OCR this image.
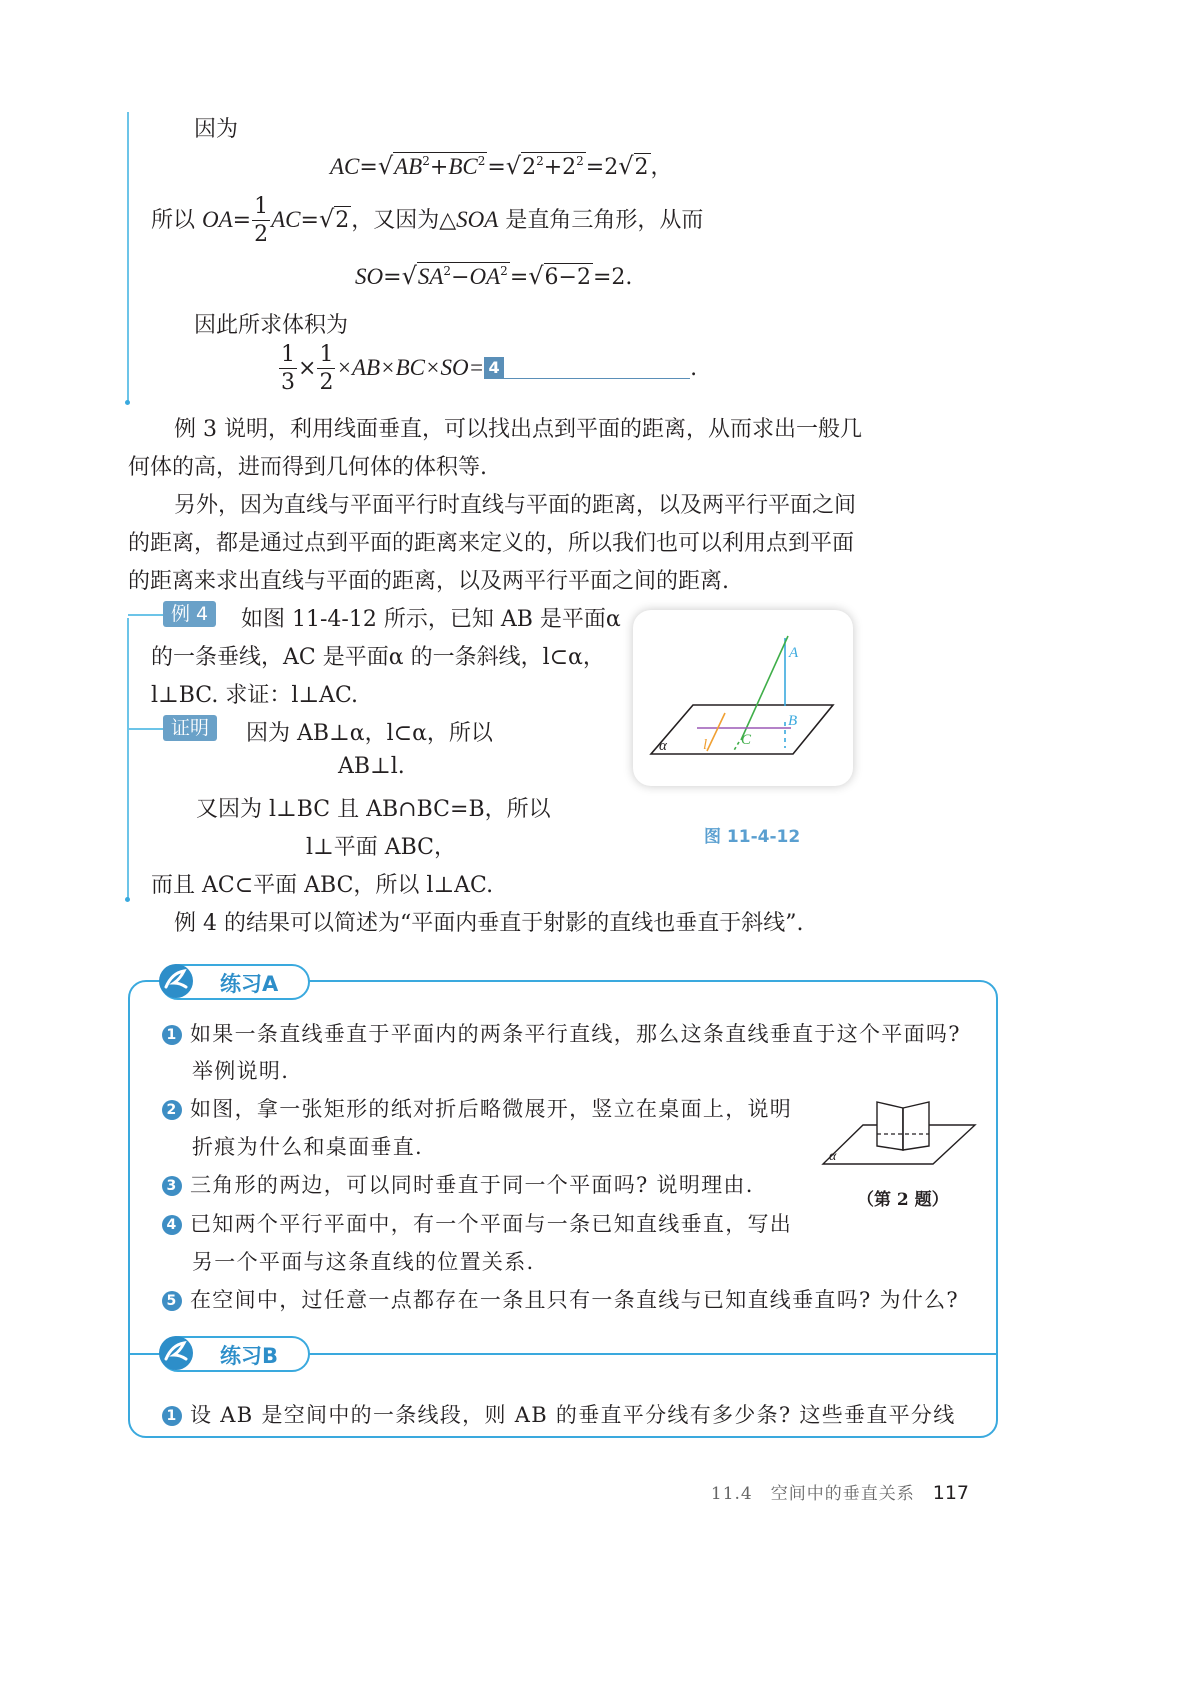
因为
$AC=√AB^2+BC^2=√2^2+2^2=2√2$，
所以 $OA= \frac{1}{2} AC=√2$，又因为△SOA 是直角三角形，从而
$SO=√SA^2-OA^2=√6-2=2$.
因此所求体积为
$\frac{1}{3} \times \frac{1}{2} \times AB\times BC\times SO= 4$	.
例 3 说明，利用线面垂直，可以找出点到平面的距离，从而求出一般几
何体的高，进而得到几何体的体积等.
另外，因为直线与平面平行时直线与平面的距离，以及两平行平面之间
的距离，都是通过点到平面的距离来定义的，所以我们也可以利用点到平面
的距离来求出直线与平面的距离，以及两平行平面之间的距离.
例 4	如图 11-4-12 所示，已知 AB 是平面α
的一条垂线，AC 是平面α 的一条斜线，l⊂α，
l⊥BC. 求证：l⊥AC.
证明	因为 AB⊥α，l⊂α，所以
AB⊥l.
又因为 l⊥BC 且 AB∩BC=B，所以
l⊥平面 ABC，
而且 AC⊂平面 ABC，所以 l⊥AC.
例 4 的结果可以简述为“平面内垂直于射影的直线也垂直于斜线”.
A
B
C
l
α
图 11-4-12
练习A
1 如果一条直线垂直于平面内的两条平行直线，那么这条直线垂直于这个平面吗?
举例说明.
2 如图，拿一张矩形的纸对折后略微展开，竖立在桌面上，说明
折痕为什么和桌面垂直.
3 三角形的两边，可以同时垂直于同一个平面吗? 说明理由.
4 已知两个平行平面中，有一个平面与一条已知直线垂直，写出
另一个平面与这条直线的位置关系.
5 在空间中，过任意一点都存在一条且只有一条直线与已知直线垂直吗? 为什么?
α
（第 2 题）
练习B
1 设 AB 是空间中的一条线段，则 AB 的垂直平分线有多少条? 这些垂直平分线
11.4　空间中的垂直关系 117
